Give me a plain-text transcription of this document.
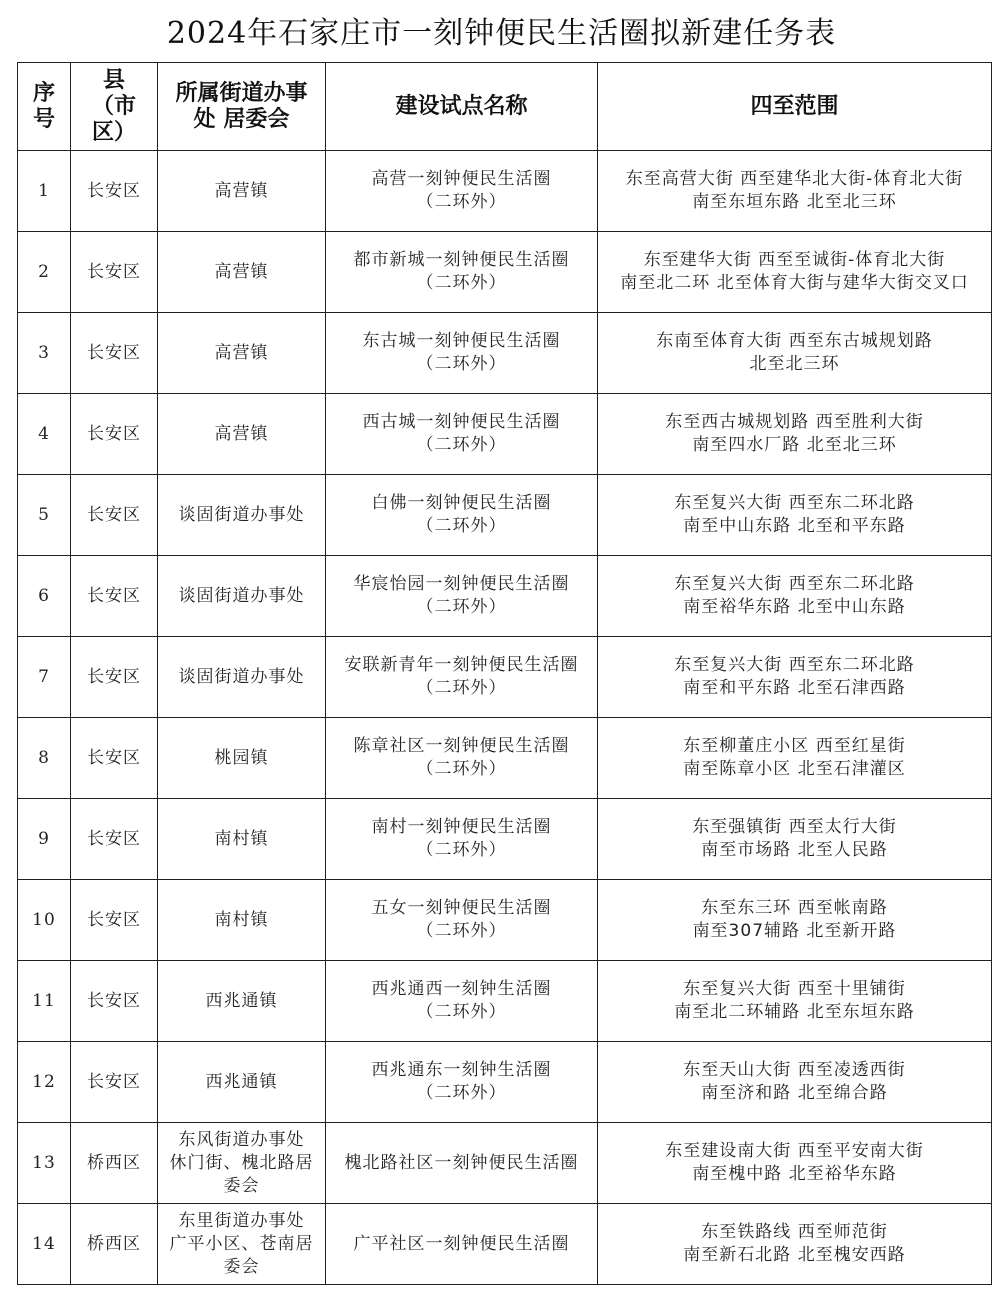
2024年石家庄市一刻钟便民生活圈拟新建任务表
序
号	县
（市
区）	所属街道办事
处 居委会	建设试点名称	四至范围

1	长安区	高营镇	高营一刻钟便民生活圈
（二环外）	东至高营大街 西至建华北大街-体育北大街
南至东垣东路 北至北三环

2	长安区	高营镇	都市新城一刻钟便民生活圈
（二环外）	东至建华大街 西至至诚街-体育北大街
南至北二环 北至体育大街与建华大街交叉口

3	长安区	高营镇	东古城一刻钟便民生活圈
（二环外）	东南至体育大街 西至东古城规划路
北至北三环

4	长安区	高营镇	西古城一刻钟便民生活圈
（二环外）	东至西古城规划路 西至胜利大街
南至四水厂路 北至北三环

5	长安区	谈固街道办事处	白佛一刻钟便民生活圈
（二环外）	东至复兴大街 西至东二环北路
南至中山东路 北至和平东路

6	长安区	谈固街道办事处	华宸怡园一刻钟便民生活圈
（二环外）	东至复兴大街 西至东二环北路
南至裕华东路 北至中山东路

7	长安区	谈固街道办事处	安联新青年一刻钟便民生活圈
（二环外）	东至复兴大街 西至东二环北路
南至和平东路 北至石津西路

8	长安区	桃园镇	陈章社区一刻钟便民生活圈
（二环外）	东至柳董庄小区 西至红星街
南至陈章小区 北至石津灌区

9	长安区	南村镇	南村一刻钟便民生活圈
（二环外）	东至强镇街 西至太行大街
南至市场路 北至人民路

10	长安区	南村镇	五女一刻钟便民生活圈
（二环外）	东至东三环 西至帐南路
南至307辅路 北至新开路

11	长安区	西兆通镇	西兆通西一刻钟生活圈
（二环外）	东至复兴大街 西至十里铺街
南至北二环辅路 北至东垣东路

12	长安区	西兆通镇	西兆通东一刻钟生活圈
（二环外）	东至天山大街 西至凌透西街
南至济和路 北至绵合路

13	桥西区	东风街道办事处
休门街、槐北路居
委会	槐北路社区一刻钟便民生活圈	东至建设南大街 西至平安南大街
南至槐中路 北至裕华东路

14	桥西区	东里街道办事处
广平小区、苍南居
委会	广平社区一刻钟便民生活圈	东至铁路线 西至师范街
南至新石北路 北至槐安西路
